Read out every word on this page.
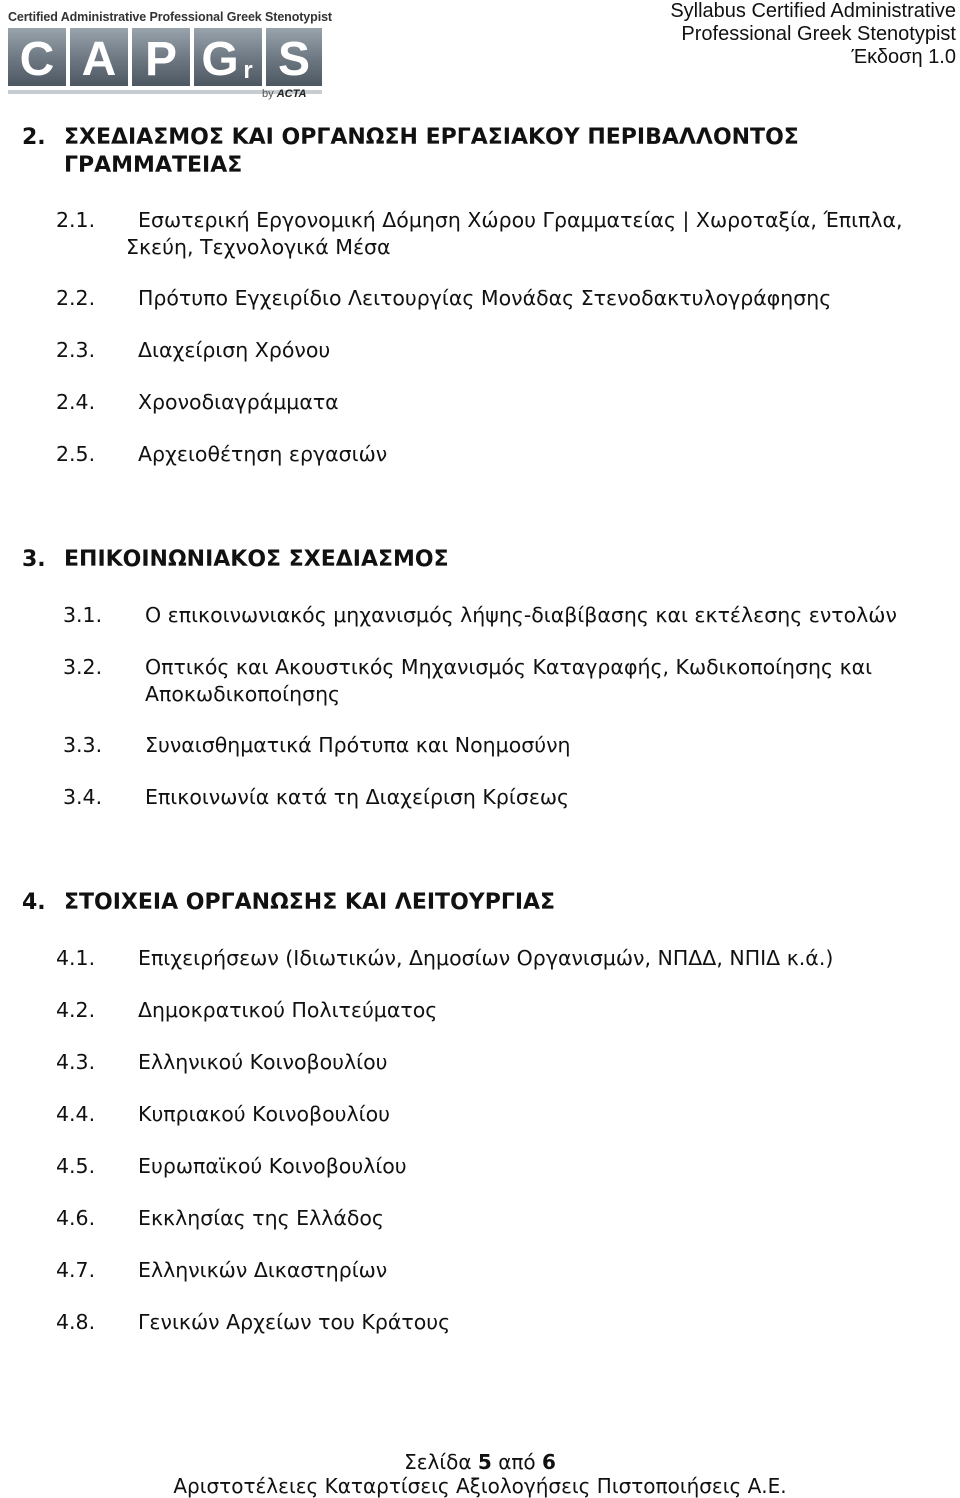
Certified Administrative Professional Greek Stenotypist
C A P G r S
by ACTA
Syllabus Certified Administrative
Professional Greek Stenotypist
Έκδοση 1.0
2. ΣΧΕΔΙΑΣΜΟΣ ΚΑΙ ΟΡΓΑΝΩΣΗ ΕΡΓΑΣΙΑΚΟΥ ΠΕΡΙΒΑΛΛΟΝΤΟΣ
ΓΡΑΜΜΑΤΕΙΑΣ
2.1. Εσωτερική Εργονομική Δόμηση Χώρου Γραμματείας | Χωροταξία, Έπιπλα,
Σκεύη, Τεχνολογικά Μέσα
2.2. Πρότυπο Εγχειρίδιο Λειτουργίας Μονάδας Στενοδακτυλογράφησης
2.3. Διαχείριση Χρόνου
2.4. Χρονοδιαγράμματα
2.5. Αρχειοθέτηση εργασιών
3. ΕΠΙΚΟΙΝΩΝΙΑΚΟΣ ΣΧΕΔΙΑΣΜΟΣ
3.1. Ο επικοινωνιακός μηχανισμός λήψης-διαβίβασης και εκτέλεσης εντολών
3.2. Οπτικός και Ακουστικός Μηχανισμός Καταγραφής, Κωδικοποίησης και
Αποκωδικοποίησης
3.3. Συναισθηματικά Πρότυπα και Νοημοσύνη
3.4. Επικοινωνία κατά τη Διαχείριση Κρίσεως
4. ΣΤΟΙΧΕΙΑ ΟΡΓΑΝΩΣΗΣ ΚΑΙ ΛΕΙΤΟΥΡΓΙΑΣ
4.1. Επιχειρήσεων (Ιδιωτικών, Δημοσίων Οργανισμών, ΝΠΔΔ, ΝΠΙΔ κ.ά.)
4.2. Δημοκρατικού Πολιτεύματος
4.3. Ελληνικού Κοινοβουλίου
4.4. Κυπριακού Κοινοβουλίου
4.5. Ευρωπαϊκού Κοινοβουλίου
4.6. Εκκλησίας της Ελλάδος
4.7. Ελληνικών Δικαστηρίων
4.8. Γενικών Αρχείων του Κράτους
Σελίδα 5 από 6
Αριστοτέλειες Καταρτίσεις Αξιολογήσεις Πιστοποιήσεις Α.Ε.
